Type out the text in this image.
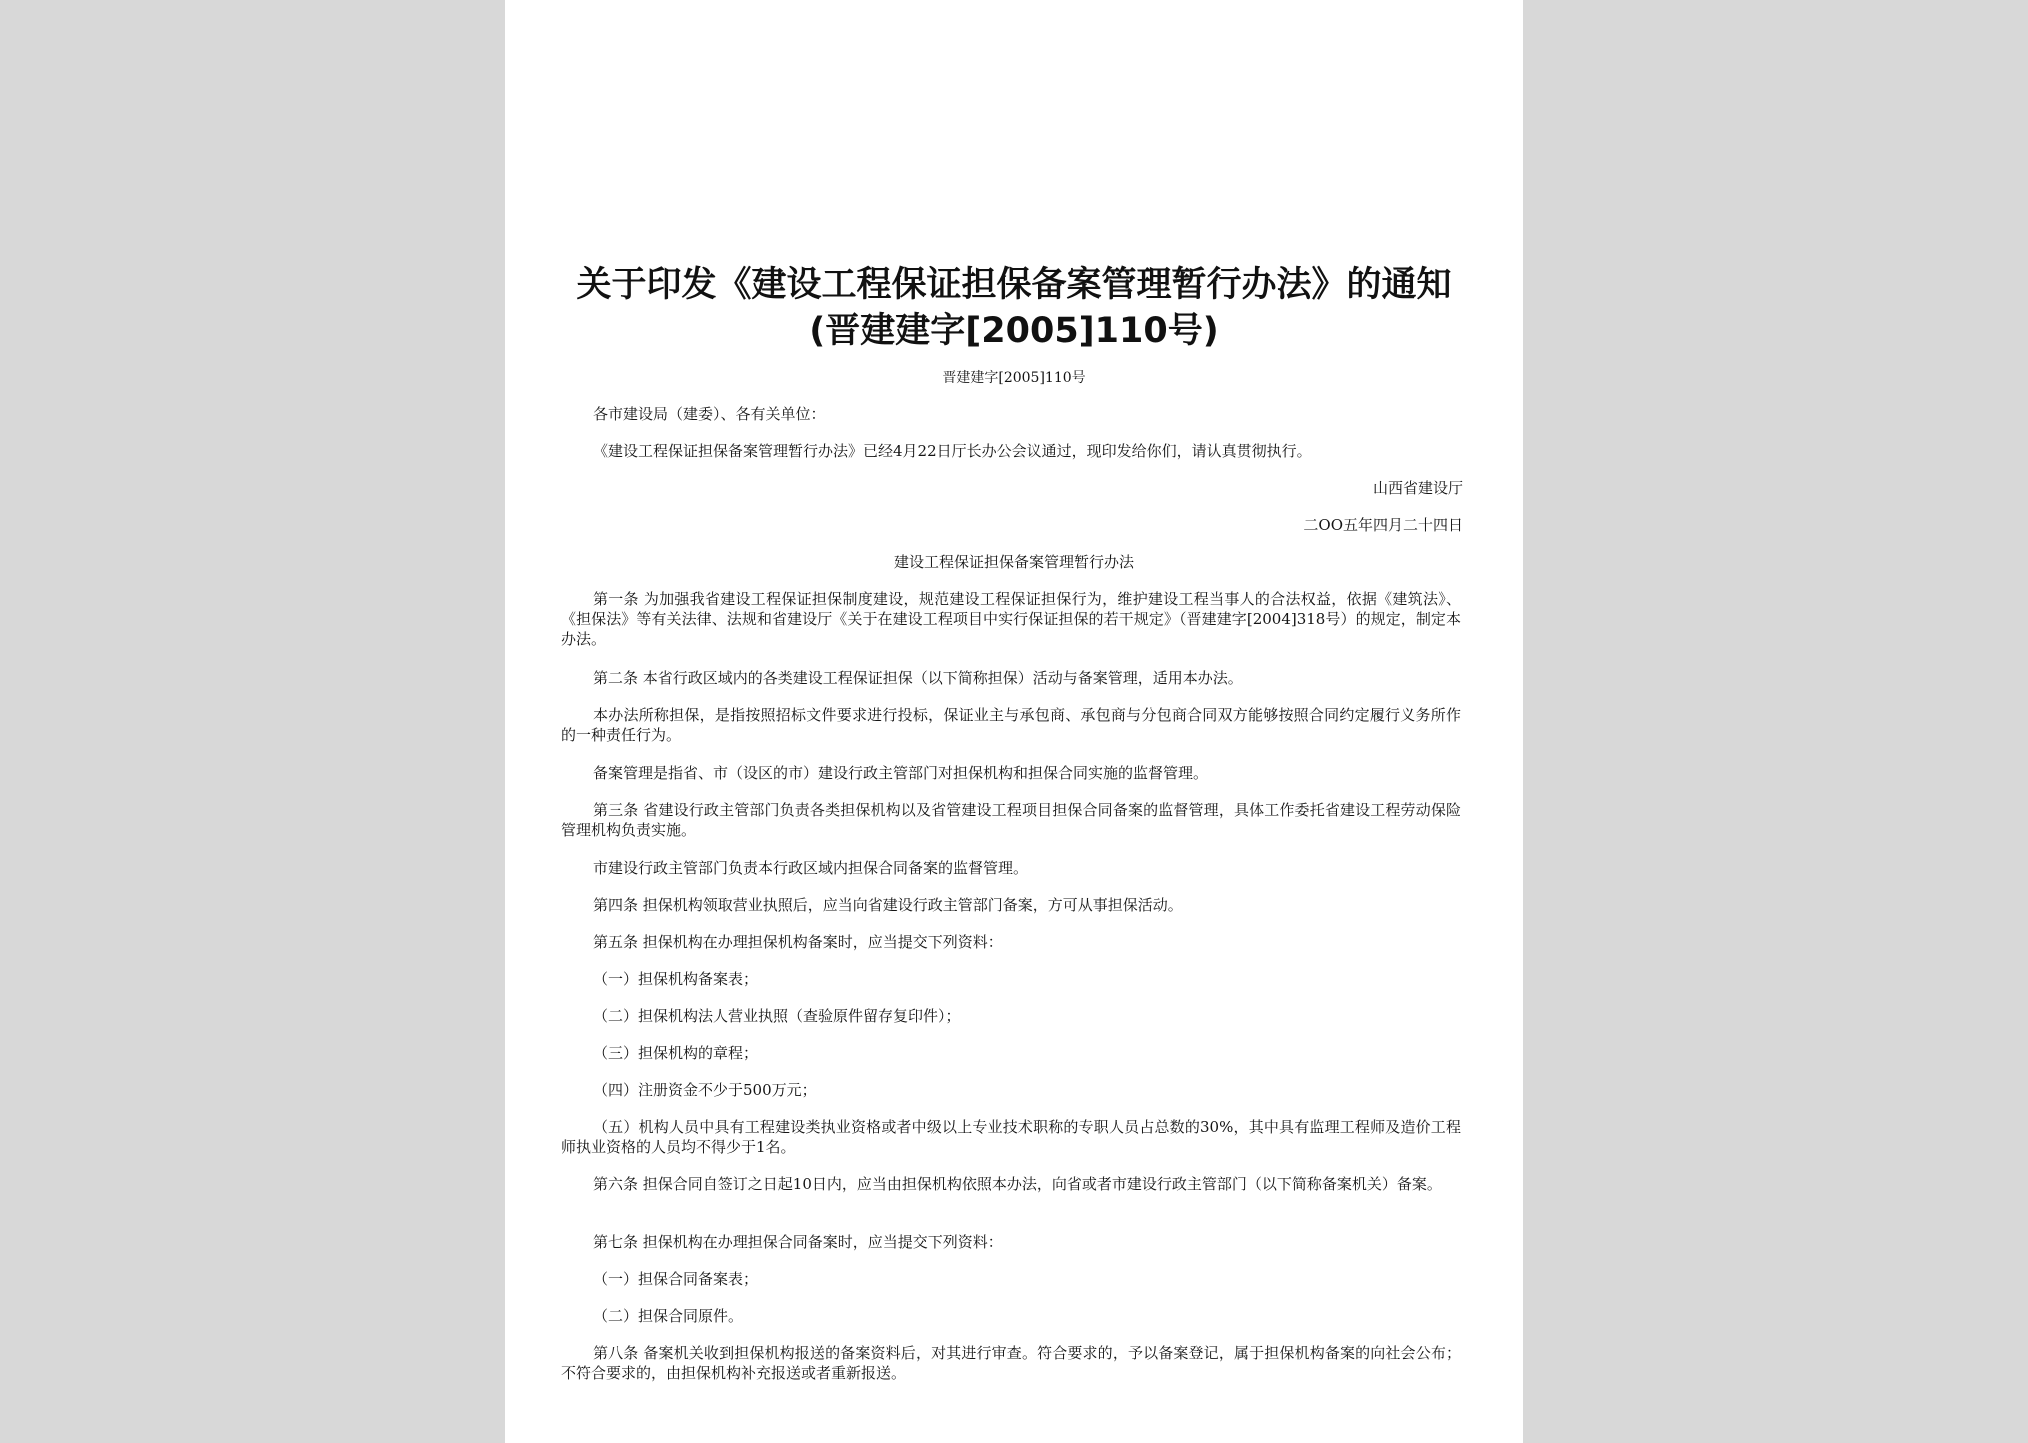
关于印发《建设工程保证担保备案管理暂行办法》的通知(晋建建字[2005]110号)
晋建建字[2005]110号
各市建设局（建委）、各有关单位：
《建设工程保证担保备案管理暂行办法》已经4月22日厅长办公会议通过，现印发给你们，请认真贯彻执行。
山西省建设厅
二OO五年四月二十四日
建设工程保证担保备案管理暂行办法

第一条 为加强我省建设工程保证担保制度建设，规范建设工程保证担保行为，维护建设工程当事人的合法权益，依据《建筑法》、《担保法》等有关法律、法规和省建设厅《关于在建设工程项目中实行保证担保的若干规定》（晋建建字[2004]318号）的规定，制定本办法。

第二条 本省行政区域内的各类建设工程保证担保（以下简称担保）活动与备案管理，适用本办法。

本办法所称担保，是指按照招标文件要求进行投标，保证业主与承包商、承包商与分包商合同双方能够按照合同约定履行义务所作的一种责任行为。

备案管理是指省、市（设区的市）建设行政主管部门对担保机构和担保合同实施的监督管理。

第三条 省建设行政主管部门负责各类担保机构以及省管建设工程项目担保合同备案的监督管理，具体工作委托省建设工程劳动保险管理机构负责实施。

市建设行政主管部门负责本行政区域内担保合同备案的监督管理。

第四条 担保机构领取营业执照后，应当向省建设行政主管部门备案，方可从事担保活动。

第五条 担保机构在办理担保机构备案时，应当提交下列资料：

（一）担保机构备案表；

（二）担保机构法人营业执照（查验原件留存复印件）；

（三）担保机构的章程；

（四）注册资金不少于500万元；

（五）机构人员中具有工程建设类执业资格或者中级以上专业技术职称的专职人员占总数的30%，其中具有监理工程师及造价工程师执业资格的人员均不得少于1名。

第六条 担保合同自签订之日起10日内，应当由担保机构依照本办法，向省或者市建设行政主管部门（以下简称备案机关）备案。

第七条 担保机构在办理担保合同备案时，应当提交下列资料：

（一）担保合同备案表；

（二）担保合同原件。

第八条 备案机关收到担保机构报送的备案资料后，对其进行审查。符合要求的，予以备案登记，属于担保机构备案的向社会公布；不符合要求的，由担保机构补充报送或者重新报送。
